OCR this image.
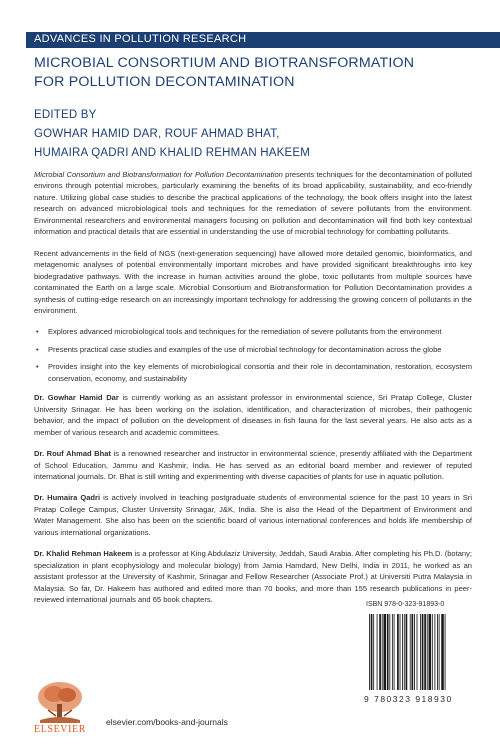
ADVANCES IN POLLUTION RESEARCH
MICROBIAL CONSORTIUM AND BIOTRANSFORMATION
FOR POLLUTION DECONTAMINATION
EDITED BY
GOWHAR HAMID DAR, ROUF AHMAD BHAT,
HUMAIRA QADRI AND KHALID REHMAN HAKEEM

Microbial Consortium and Biotransformation for Pollution Decontamination presents techniques for the decontamination of polluted environs through potential microbes, particularly examining the benefits of its broad applicability, sustainability, and eco-friendly nature. Utilizing global case studies to describe the practical applications of the technology, the book offers insight into the latest research on advanced microbiological tools and techniques for the remediation of severe pollutants from the environment. Environmental researchers and environmental managers focusing on pollution and decontamination will find both key contextual information and practical details that are essential in understanding the use of microbial technology for combatting pollutants.

Recent advancements in the field of NGS (next-generation sequencing) have allowed more detailed genomic, bioinformatics, and metagenomic analyses of potential environmentally important microbes and have provided significant breakthroughs into key biodegradative pathways. With the increase in human activities around the globe, toxic pollutants from multiple sources have contaminated the Earth on a large scale. Microbial Consortium and Biotransformation for Pollution Decontamination provides a synthesis of cutting-edge research on an increasingly important technology for addressing the growing concern of pollutants in the environment.

• Explores advanced microbiological tools and techniques for the remediation of severe pollutants from the environment
• Presents practical case studies and examples of the use of microbial technology for decontamination across the globe
• Provides insight into the key elements of microbiological consortia and their role in decontamination, restoration, ecosystem conservation, economy, and sustainability

Dr. Gowhar Hamid Dar is currently working as an assistant professor in environmental science, Sri Pratap College, Cluster University Srinagar. He has been working on the isolation, identification, and characterization of microbes, their pathogenic behavior, and the impact of pollution on the development of diseases in fish fauna for the last several years. He also acts as a member of various research and academic committees.

Dr. Rouf Ahmad Bhat is a renowned researcher and instructor in environmental science, presently affiliated with the Department of School Education, Jammu and Kashmir, India. He has served as an editorial board member and reviewer of reputed international journals. Dr. Bhat is still writing and experimenting with diverse capacities of plants for use in aquatic pollution.

Dr. Humaira Qadri is actively involved in teaching postgraduate students of environmental science for the past 10 years in Sri Pratap College Campus, Cluster University Srinagar, J&K, India. She is also the Head of the Department of Environment and Water Management. She also has been on the scientific board of various international conferences and holds life membership of various international organizations.

Dr. Khalid Rehman Hakeem is a professor at King Abdulaziz University, Jeddah, Saudi Arabia. After completing his Ph.D. (botany; specialization in plant ecophysiology and molecular biology) from Jamia Hamdard, New Delhi, India in 2011, he worked as an assistant professor at the University of Kashmir, Srinagar and Fellow Researcher (Associate Prof.) at Universiti Putra Malaysia in Malaysia. So far, Dr. Hakeem has authored and edited more than 70 books, and more than 155 research publications in peer-reviewed international journals and 65 book chapters.

ISBN 978-0-323-91893-0
9 780323 918930
ELSEVIER
elsevier.com/books-and-journals
